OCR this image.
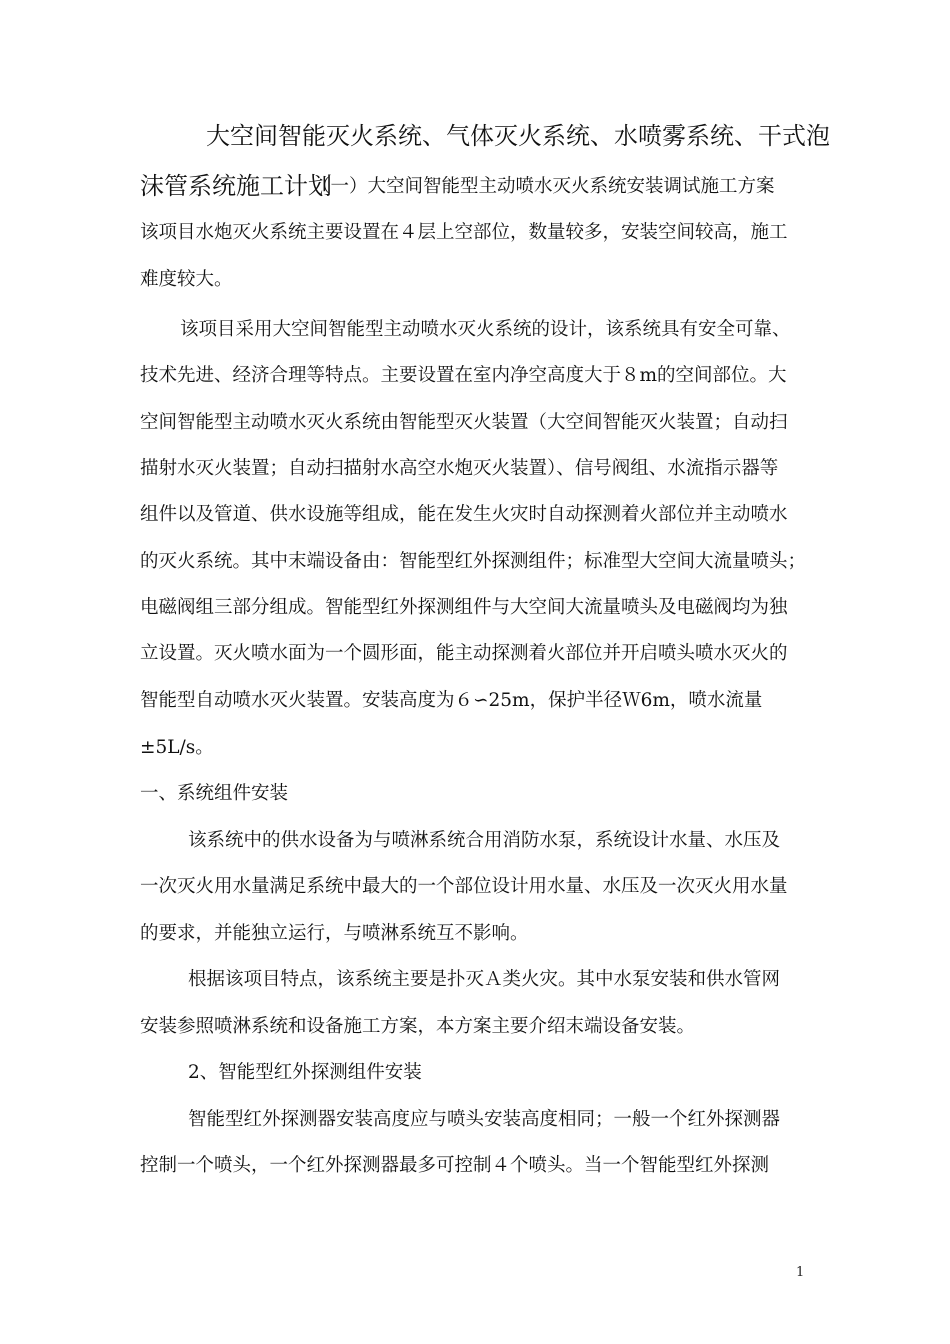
大空间智能灭火系统、气体灭火系统、水喷雾系统、干式泡
沫管系统施工计划
（一）大空间智能型主动喷水灭火系统安装调试施工方案
该项目水炮灭火系统主要设置在４层上空部位，数量较多，安装空间较高，施工
难度较大。
该项目采用大空间智能型主动喷水灭火系统的设计，该系统具有安全可靠、
技术先进、经济合理等特点。主要设置在室内净空高度大于８m的空间部位。大
空间智能型主动喷水灭火系统由智能型灭火装置（大空间智能灭火装置；自动扫
描射水灭火装置；自动扫描射水高空水炮灭火装置）、信号阀组、水流指示器等
组件以及管道、供水设施等组成，能在发生火灾时自动探测着火部位并主动喷水
的灭火系统。其中末端设备由：智能型红外探测组件；标准型大空间大流量喷头；
电磁阀组三部分组成。智能型红外探测组件与大空间大流量喷头及电磁阀均为独
立设置。灭火喷水面为一个圆形面，能主动探测着火部位并开启喷头喷水灭火的
智能型自动喷水灭火装置。安装高度为６∽25m，保护半径Ｗ6m，喷水流量
±5L/s。
一、系统组件安装
该系统中的供水设备为与喷淋系统合用消防水泵，系统设计水量、水压及
一次灭火用水量满足系统中最大的一个部位设计用水量、水压及一次灭火用水量
的要求，并能独立运行，与喷淋系统互不影响。
根据该项目特点，该系统主要是扑灭Ａ类火灾。其中水泵安装和供水管网
安装参照喷淋系统和设备施工方案，本方案主要介绍末端设备安装。
2、智能型红外探测组件安装
智能型红外探测器安装高度应与喷头安装高度相同；一般一个红外探测器
控制一个喷头，一个红外探测器最多可控制４个喷头。当一个智能型红外探测
1
